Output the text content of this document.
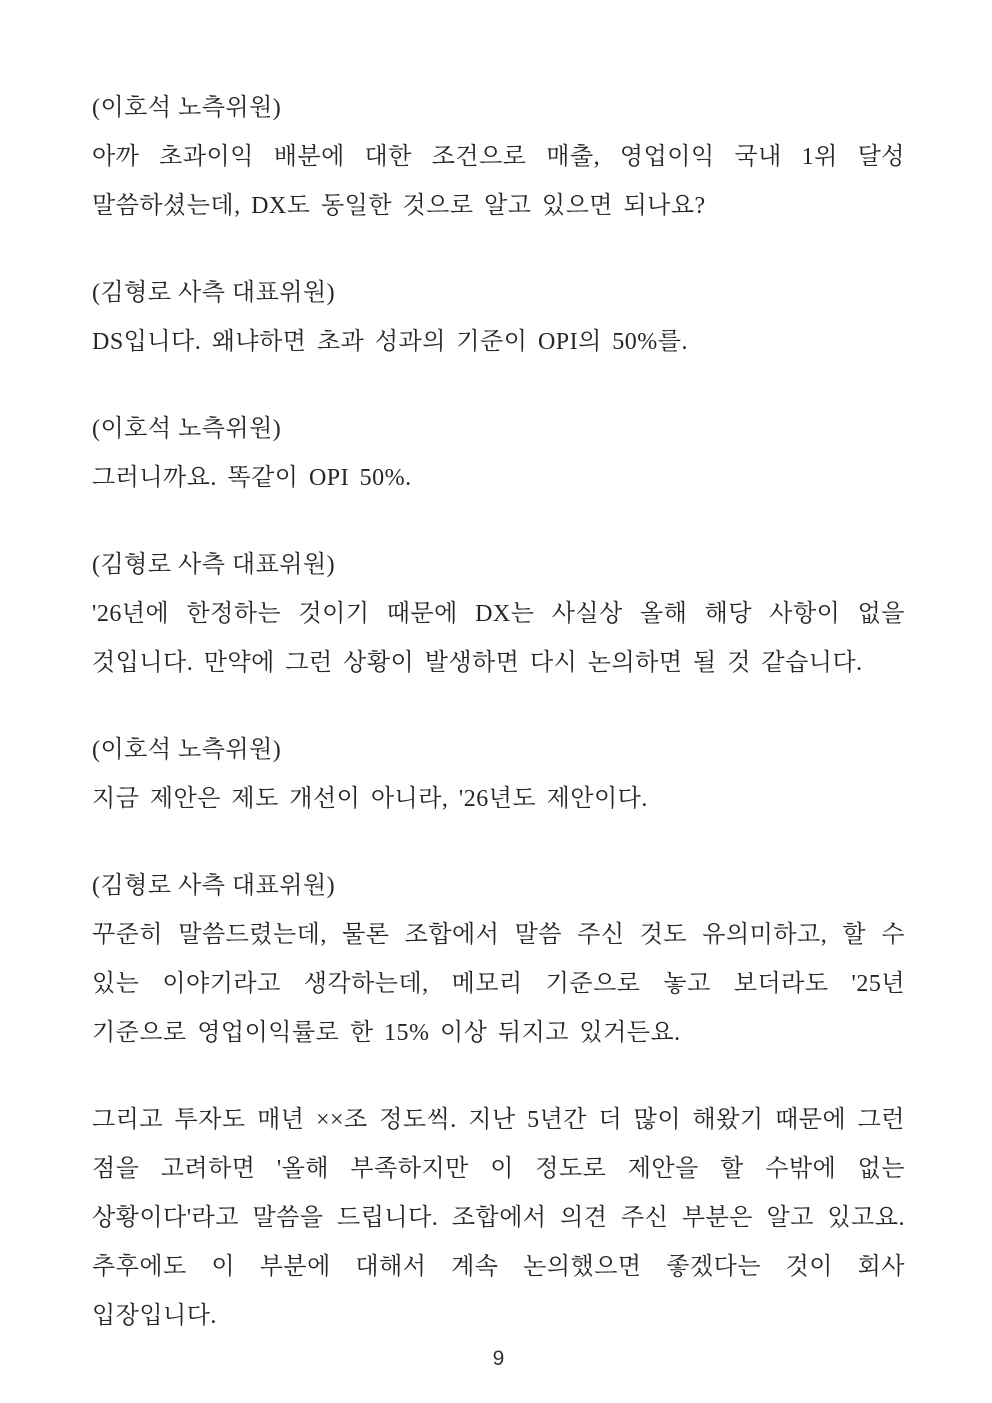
(이호석 노측위원)

아까 초과이익 배분에 대한 조건으로 매출, 영업이익 국내 1위 달성 말씀하셨는데, DX도 동일한 것으로 알고 있으면 되나요?

(김형로 사측 대표위원)

DS입니다. 왜냐하면 초과 성과의 기준이 OPI의 50%를.

(이호석 노측위원)

그러니까요. 똑같이 OPI 50%.

(김형로 사측 대표위원)

'26년에 한정하는 것이기 때문에 DX는 사실상 올해 해당 사항이 없을 것입니다. 만약에 그런 상황이 발생하면 다시 논의하면 될 것 같습니다.

(이호석 노측위원)

지금 제안은 제도 개선이 아니라, '26년도 제안이다.

(김형로 사측 대표위원)

꾸준히 말씀드렸는데, 물론 조합에서 말씀 주신 것도 유의미하고, 할 수 있는 이야기라고 생각하는데, 메모리 기준으로 놓고 보더라도 '25년 기준으로 영업이익률로 한 15% 이상 뒤지고 있거든요.

그리고 투자도 매년 ××조 정도씩. 지난 5년간 더 많이 해왔기 때문에 그런 점을 고려하면 '올해 부족하지만 이 정도로 제안을 할 수밖에 없는 상황이다'라고 말씀을 드립니다. 조합에서 의견 주신 부분은 알고 있고요. 추후에도 이 부분에 대해서 계속 논의했으면 좋겠다는 것이 회사 입장입니다.

9
